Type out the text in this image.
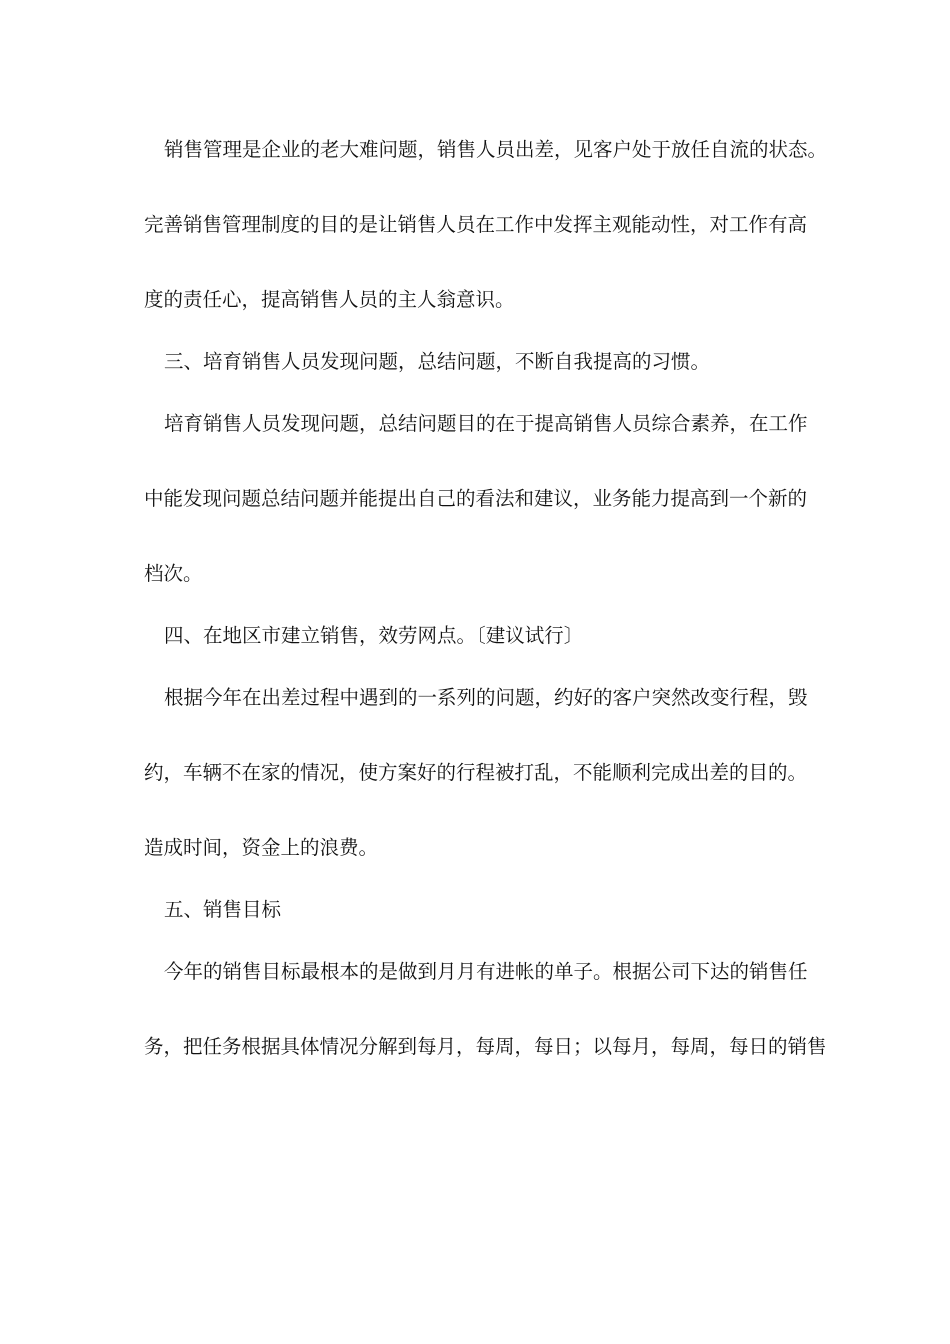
销售管理是企业的老大难问题，销售人员出差，见客户处于放任自流的状态。
完善销售管理制度的目的是让销售人员在工作中发挥主观能动性，对工作有高
度的责任心，提高销售人员的主人翁意识。
三、培育销售人员发现问题，总结问题，不断自我提高的习惯。
培育销售人员发现问题，总结问题目的在于提高销售人员综合素养，在工作
中能发现问题总结问题并能提出自己的看法和建议，业务能力提高到一个新的
档次。
四、在地区市建立销售，效劳网点。〔建议试行〕
根据今年在出差过程中遇到的一系列的问题，约好的客户突然改变行程，毁
约，车辆不在家的情况，使方案好的行程被打乱，不能顺利完成出差的目的。
造成时间，资金上的浪费。
五、销售目标
今年的销售目标最根本的是做到月月有进帐的单子。根据公司下达的销售任
务，把任务根据具体情况分解到每月，每周，每日；以每月，每周，每日的销售
